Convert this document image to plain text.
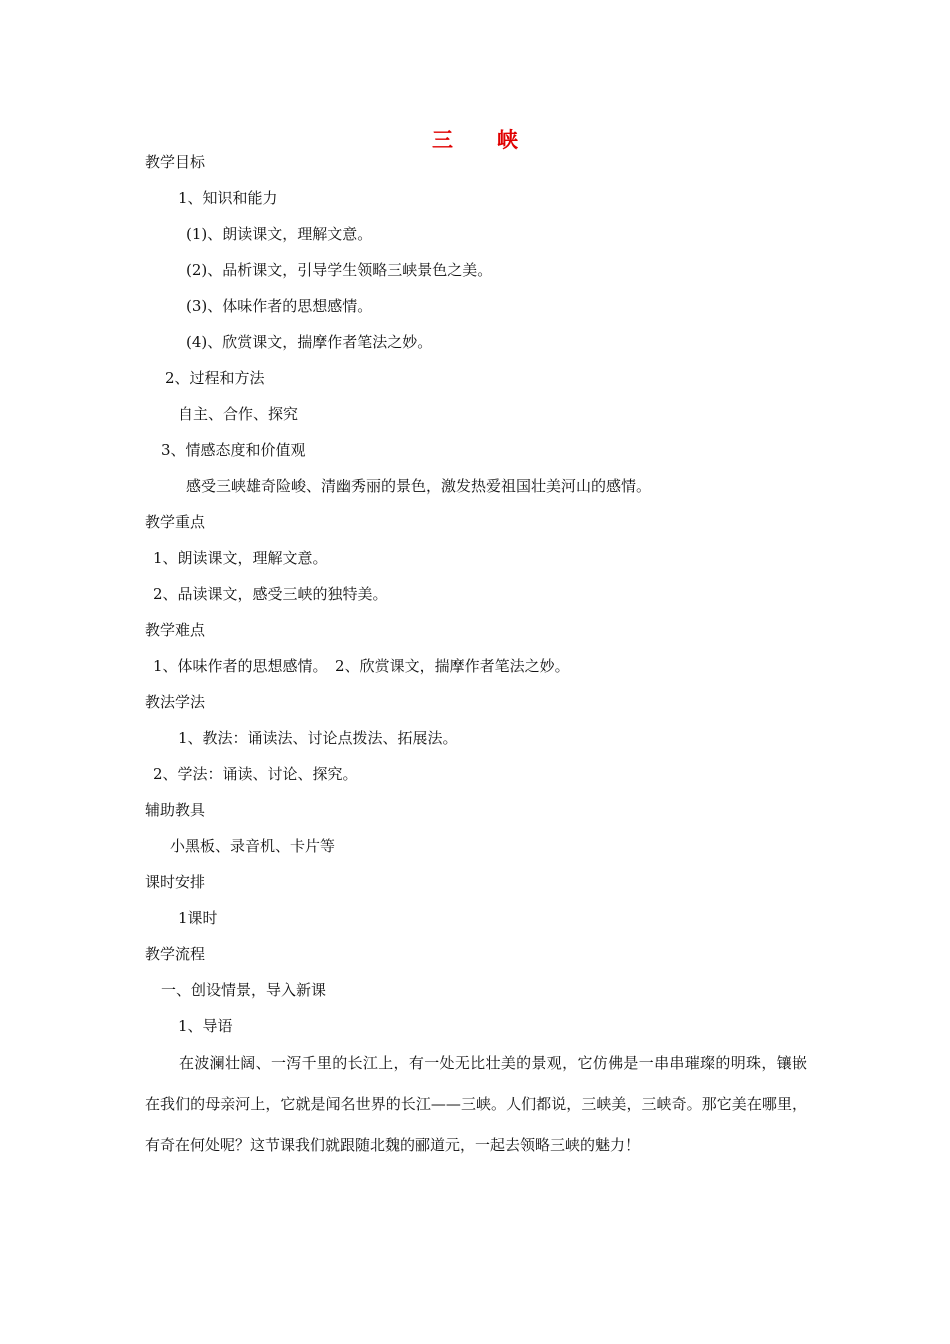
三 峡
教学目标
1、知识和能力
(1)、朗读课文，理解文意。
(2)、品析课文，引导学生领略三峡景色之美。
(3)、体味作者的思想感情。
(4)、欣赏课文，揣摩作者笔法之妙。
2、过程和方法
自主、合作、探究
3、情感态度和价值观
感受三峡雄奇险峻、清幽秀丽的景色，激发热爱祖国壮美河山的感情。
教学重点
1、朗读课文，理解文意。
2、品读课文，感受三峡的独特美。
教学难点
1、体味作者的思想感情。　2、欣赏课文，揣摩作者笔法之妙。
教法学法
1、教法：诵读法、讨论点拨法、拓展法。
2、学法：诵读、讨论、探究。
辅助教具
小黑板、录音机、卡片等
课时安排
1课时
教学流程
一、创设情景，导入新课
1、导语
在波澜壮阔、一泻千里的长江上，有一处无比壮美的景观，它仿佛是一串串璀璨的明珠，镶嵌在我们的母亲河上，它就是闻名世界的长江——三峡。人们都说，三峡美，三峡奇。那它美在哪里，有奇在何处呢？这节课我们就跟随北魏的郦道元，一起去领略三峡的魅力！
